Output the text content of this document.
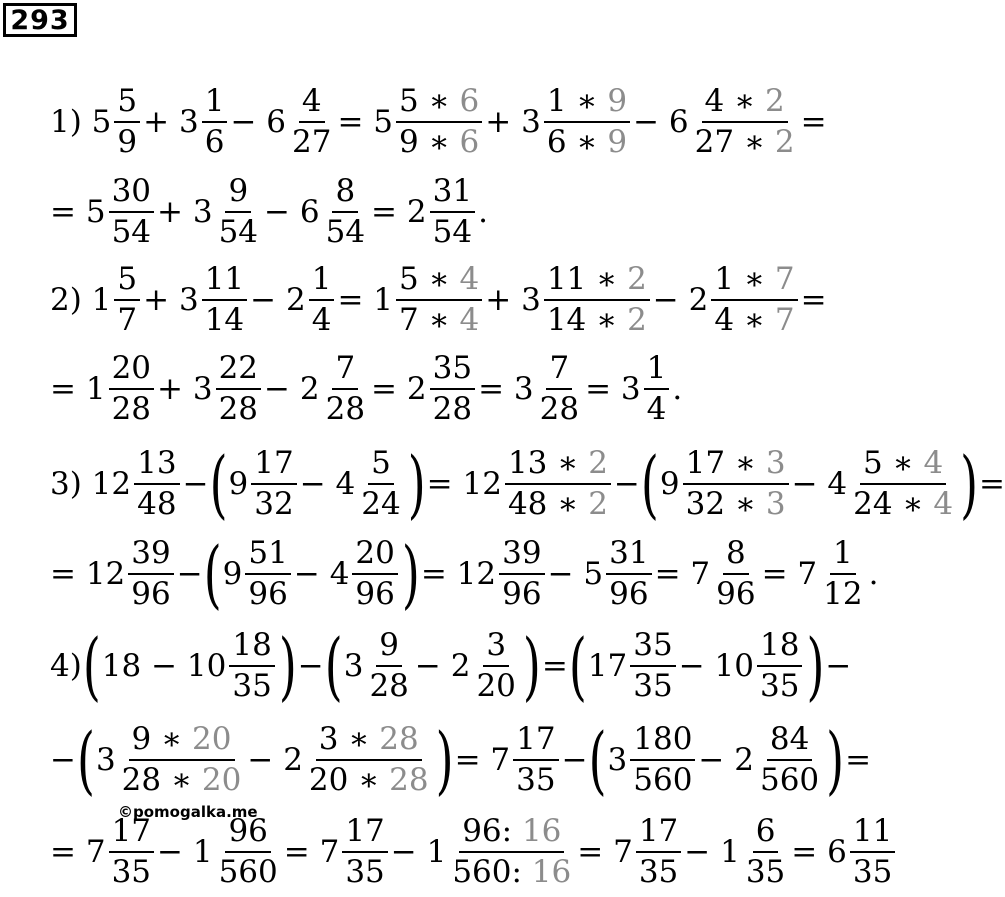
293
1) $5 \frac{5}{9} + 3 \frac{1}{6} - 6 \frac{4}{27} = 5 \frac{5 ∗ 6}{9 ∗ 6} + 3 \frac{1 ∗ 9}{6 ∗ 9} - 6 \frac{4 ∗ 2}{27 ∗ 2}$ =
= $5 \frac{30}{54} + 3 \frac{9}{54} - 6 \frac{8}{54} = 2 \frac{31}{54}$ .
2) $1 \frac{5}{7} + 3 \frac{11}{14} - 2 \frac{1}{4} = 1 \frac{5 ∗ 4}{7 ∗ 4} + 3 \frac{11 ∗ 2}{14 ∗ 2} - 2 \frac{1 ∗ 7}{4 ∗ 7}$ =
= $1 \frac{20}{28} + 3 \frac{22}{28} - 2 \frac{7}{28} = 2 \frac{35}{28} = 3 \frac{7}{28} = 3 \frac{1}{4}$ .
3) $12 \frac{13}{48}$ − ( $9 \frac{17}{32} - 4 \frac{5}{24}$ ) = $12 \frac{13 ∗ 2}{48 ∗ 2}$ − ( $9 \frac{17 ∗ 3}{32 ∗ 3} - 4 \frac{5 ∗ 4}{24 ∗ 4}$ ) =
= $12 \frac{39}{96}$ − ( $9 \frac{51}{96} - 4 \frac{20}{96}$ ) = $12 \frac{39}{96} - 5 \frac{31}{96} = 7 \frac{8}{96} = 7 \frac{1}{12}$ .
4) ( $18 - 10 \frac{18}{35}$ ) − ( $3 \frac{9}{28} - 2 \frac{3}{20}$ ) = ( $17 \frac{35}{35} - 10 \frac{18}{35}$ ) −
− ( $3 \frac{9 ∗ 20}{28 ∗ 20} - 2 \frac{3 ∗ 28}{20 ∗ 28}$ ) = $7 \frac{17}{35}$ − ( $3 \frac{180}{560} - 2 \frac{84}{560}$ ) =
= $7 \frac{17}{35} - 1 \frac{96}{560} = 7 \frac{17}{35} - 1 \frac{96: 16}{560: 16} = 7 \frac{17}{35} - 1 \frac{6}{35} = 6 \frac{11}{35}$
©pomogalka.me
